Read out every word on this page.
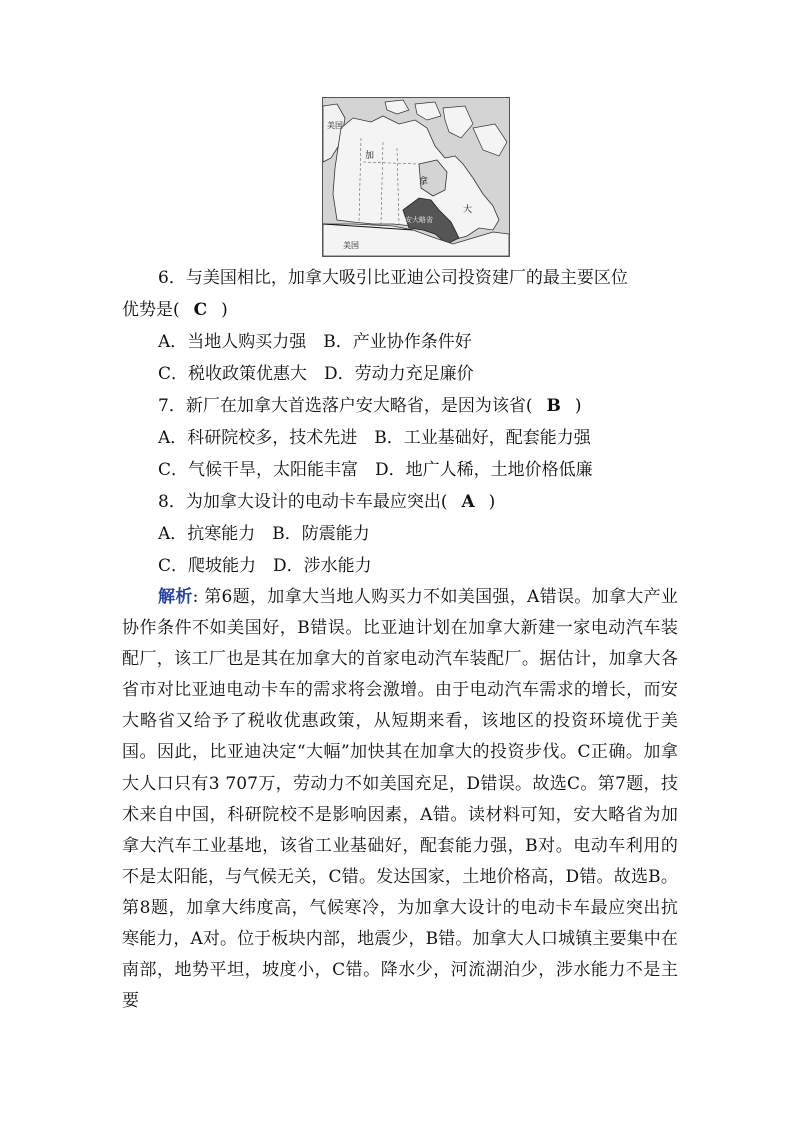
美国
加
拿
大
安大略省
美国
6．与美国相比，加拿大吸引比亚迪公司投资建厂的最主要区位
优势是( C )
A．当地人购买力强　B．产业协作条件好
C．税收政策优惠大　D．劳动力充足廉价
7．新厂在加拿大首选落户安大略省，是因为该省( B )
A．科研院校多，技术先进　B．工业基础好，配套能力强
C．气候干旱，太阳能丰富　D．地广人稀，土地价格低廉
8．为加拿大设计的电动卡车最应突出( A )
A．抗寒能力　B．防震能力
C．爬坡能力　D．涉水能力
解析: 第6题，加拿大当地人购买力不如美国强，A错误。加拿大产业协作条件不如美国好，B错误。比亚迪计划在加拿大新建一家电动汽车装配厂，该工厂也是其在加拿大的首家电动汽车装配厂。据估计，加拿大各省市对比亚迪电动卡车的需求将会激增。由于电动汽车需求的增长，而安大略省又给予了税收优惠政策，从短期来看，该地区的投资环境优于美国。因此，比亚迪决定“大幅”加快其在加拿大的投资步伐。C正确。加拿大人口只有3 707万，劳动力不如美国充足，D错误。故选C。第7题，技术来自中国，科研院校不是影响因素，A错。读材料可知，安大略省为加拿大汽车工业基地，该省工业基础好，配套能力强，B对。电动车利用的不是太阳能，与气候无关，C错。发达国家，土地价格高，D错。故选B。第8题，加拿大纬度高，气候寒冷，为加拿大设计的电动卡车最应突出抗寒能力，A对。位于板块内部，地震少，B错。加拿大人口城镇主要集中在南部，地势平坦，坡度小，C错。降水少，河流湖泊少，涉水能力不是主要
